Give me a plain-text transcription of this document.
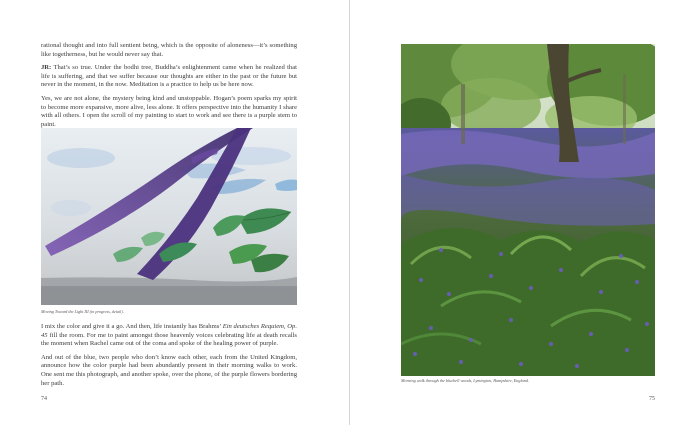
rational thought and into full sentient being, which is the opposite of aloneness—it’s something like togetherness, but he would never say that.

JR: That’s so true. Under the bodhi tree, Buddha’s enlightenment came when he realized that life is suffering, and that we suffer because our thoughts are either in the past or the future but never in the moment, in the now. Meditation is a practice to help us be here now.

Yes, we are not alone, the mystery being kind and unstoppable. Hogan’s poem sparks my spirit to become more expansive, more alive, less alone. It offers perspective into the humanity I share with all others. I open the scroll of my painting to start to work and see there is a purple stem to paint.

Moving Toward the Light III (in progress, detail).

I mix the color and give it a go. And then, life instantly has Brahms’ Ein deutsches Requiem, Op. 45 fill the room. For me to paint amongst those heavenly voices celebrating life at death recalls the moment when Rachel came out of the coma and spoke of the healing power of purple.

And out of the blue, two people who don’t know each other, each from the United Kingdom, announce how the color purple had been abundantly present in their morning walks to work. One sent me this photograph, and another spoke, over the phone, of the purple flowers bordering her path.

74
Morning walk through the bluebell woods, Lymington, Hampshire, England.
75
